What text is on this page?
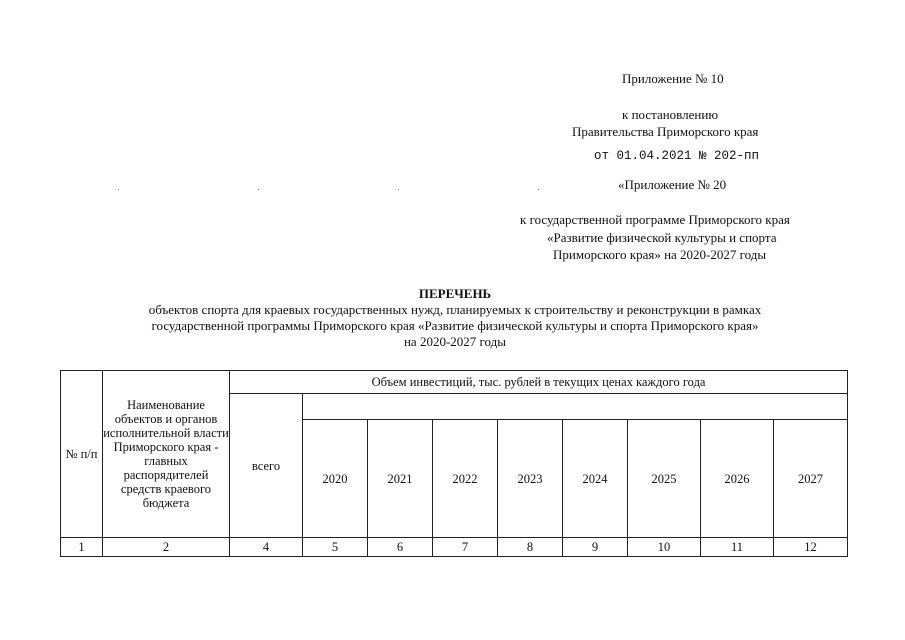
Приложение № 10
к постановлению
Правительства Приморского края
от 01.04.2021 № 202-пп
«Приложение № 20
к государственной программе Приморского края
«Развитие физической культуры и спорта
Приморского края» на 2020-2027 годы
ПЕРЕЧЕНЬ
объектов спорта для краевых государственных нужд, планируемых к строительству и реконструкции в рамках
государственной программы Приморского края «Развитие физической культуры и спорта Приморского края»
на 2020-2027 годы
№ п/п	Наименование объектов и органов исполнительной власти Приморского края - главных распорядителей средств краевого бюджета	Объем инвестиций, тыс. рублей в текущих ценах каждого года								
		всего								
			2020	2021	2022	2023	2024	2025	2026	2027
1	2	4	5	6	7	8	9	10	11	12
